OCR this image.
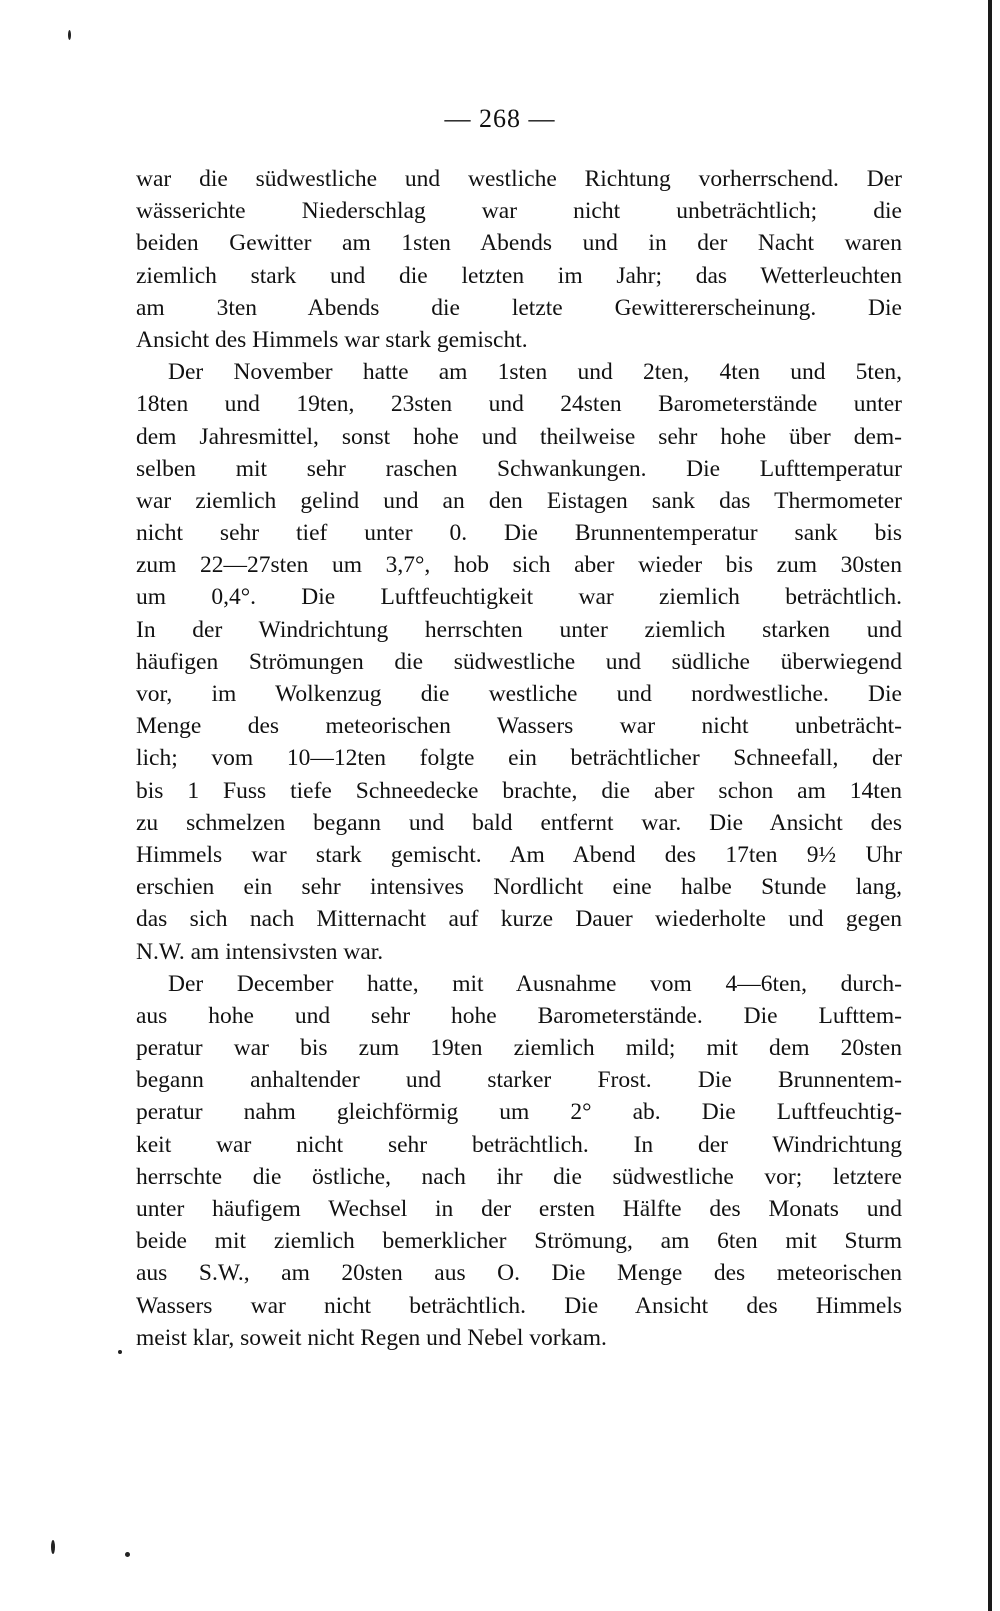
— 268 —
war die südwestliche und westliche Richtung vorherrschend. Der
wässerichte Niederschlag war nicht unbeträchtlich; die
beiden Gewitter am 1sten Abends und in der Nacht waren
ziemlich stark und die letzten im Jahr; das Wetterleuchten
am 3ten Abends die letzte Gewittererscheinung. Die
Ansicht des Himmels war stark gemischt.
Der November hatte am 1sten und 2ten, 4ten und 5ten,
18ten und 19ten, 23sten und 24sten Barometerstände unter
dem Jahresmittel, sonst hohe und theilweise sehr hohe über dem-
selben mit sehr raschen Schwankungen. Die Lufttemperatur
war ziemlich gelind und an den Eistagen sank das Thermometer
nicht sehr tief unter 0. Die Brunnentemperatur sank bis
zum 22—27sten um 3,7°, hob sich aber wieder bis zum 30sten
um 0,4°. Die Luftfeuchtigkeit war ziemlich beträchtlich.
In der Windrichtung herrschten unter ziemlich starken und
häufigen Strömungen die südwestliche und südliche überwiegend
vor, im Wolkenzug die westliche und nordwestliche. Die
Menge des meteorischen Wassers war nicht unbeträcht-
lich; vom 10—12ten folgte ein beträchtlicher Schneefall, der
bis 1 Fuss tiefe Schneedecke brachte, die aber schon am 14ten
zu schmelzen begann und bald entfernt war. Die Ansicht des
Himmels war stark gemischt. Am Abend des 17ten 9½ Uhr
erschien ein sehr intensives Nordlicht eine halbe Stunde lang,
das sich nach Mitternacht auf kurze Dauer wiederholte und gegen
N.W. am intensivsten war.
Der December hatte, mit Ausnahme vom 4—6ten, durch-
aus hohe und sehr hohe Barometerstände. Die Lufttem-
peratur war bis zum 19ten ziemlich mild; mit dem 20sten
begann anhaltender und starker Frost. Die Brunnentem-
peratur nahm gleichförmig um 2° ab. Die Luftfeuchtig-
keit war nicht sehr beträchtlich. In der Windrichtung
herrschte die östliche, nach ihr die südwestliche vor; letztere
unter häufigem Wechsel in der ersten Hälfte des Monats und
beide mit ziemlich bemerklicher Strömung, am 6ten mit Sturm
aus S.W., am 20sten aus O. Die Menge des meteorischen
Wassers war nicht beträchtlich. Die Ansicht des Himmels
meist klar, soweit nicht Regen und Nebel vorkam.
